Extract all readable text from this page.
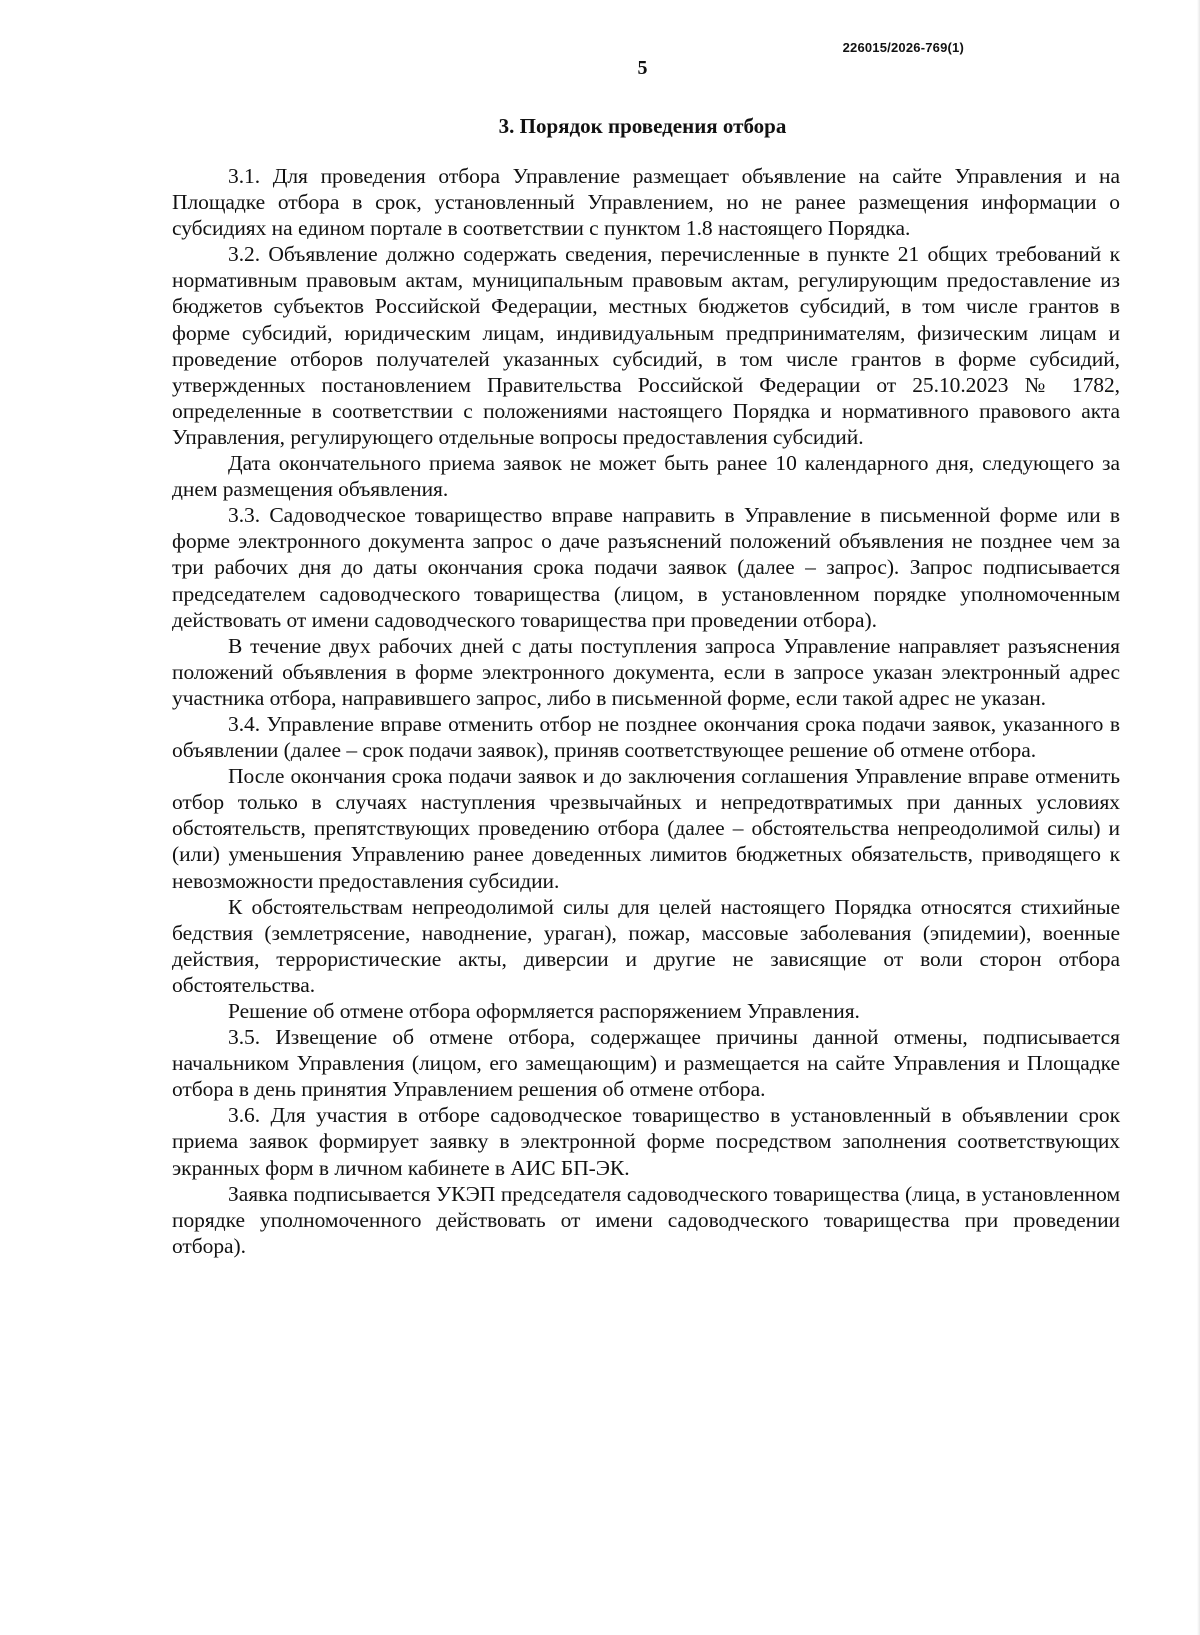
226015/2026-769(1)
5
3. Порядок проведения отбора

3.1. Для проведения отбора Управление размещает объявление на сайте Управления и на Площадке отбора в срок, установленный Управлением, но не ранее размещения информации о субсидиях на едином портале в соответствии с пунктом 1.8 настоящего Порядка.

3.2. Объявление должно содержать сведения, перечисленные в пункте 21 общих требований к нормативным правовым актам, муниципальным правовым актам, регулирующим предоставление из бюджетов субъектов Российской Федерации, местных бюджетов субсидий, в том числе грантов в форме субсидий, юридическим лицам, индивидуальным предпринимателям, физическим лицам и проведение отборов получателей указанных субсидий, в том числе грантов в форме субсидий, утвержденных постановлением Правительства Российской Федерации от 25.10.2023 № 1782, определенные в соответствии с положениями настоящего Порядка и нормативного правового акта Управления, регулирующего отдельные вопросы предоставления субсидий.

Дата окончательного приема заявок не может быть ранее 10 календарного дня, следующего за днем размещения объявления.

3.3. Садоводческое товарищество вправе направить в Управление в письменной форме или в форме электронного документа запрос о даче разъяснений положений объявления не позднее чем за три рабочих дня до даты окончания срока подачи заявок (далее – запрос). Запрос подписывается председателем садоводческого товарищества (лицом, в установленном порядке уполномоченным действовать от имени садоводческого товарищества при проведении отбора).

В течение двух рабочих дней с даты поступления запроса Управление направляет разъяснения положений объявления в форме электронного документа, если в запросе указан электронный адрес участника отбора, направившего запрос, либо в письменной форме, если такой адрес не указан.

3.4. Управление вправе отменить отбор не позднее окончания срока подачи заявок, указанного в объявлении (далее – срок подачи заявок), приняв соответствующее решение об отмене отбора.

После окончания срока подачи заявок и до заключения соглашения Управление вправе отменить отбор только в случаях наступления чрезвычайных и непредотвратимых при данных условиях обстоятельств, препятствующих проведению отбора (далее – обстоятельства непреодолимой силы) и (или) уменьшения Управлению ранее доведенных лимитов бюджетных обязательств, приводящего к невозможности предоставления субсидии.

К обстоятельствам непреодолимой силы для целей настоящего Порядка относятся стихийные бедствия (землетрясение, наводнение, ураган), пожар, массовые заболевания (эпидемии), военные действия, террористические акты, диверсии и другие не зависящие от воли сторон отбора обстоятельства.

Решение об отмене отбора оформляется распоряжением Управления.

3.5. Извещение об отмене отбора, содержащее причины данной отмены, подписывается начальником Управления (лицом, его замещающим) и размещается на сайте Управления и Площадке отбора в день принятия Управлением решения об отмене отбора.

3.6. Для участия в отборе садоводческое товарищество в установленный в объявлении срок приема заявок формирует заявку в электронной форме посредством заполнения соответствующих экранных форм в личном кабинете в АИС БП-ЭК.

Заявка подписывается УКЭП председателя садоводческого товарищества (лица, в установленном порядке уполномоченного действовать от имени садоводческого товарищества при проведении отбора).
